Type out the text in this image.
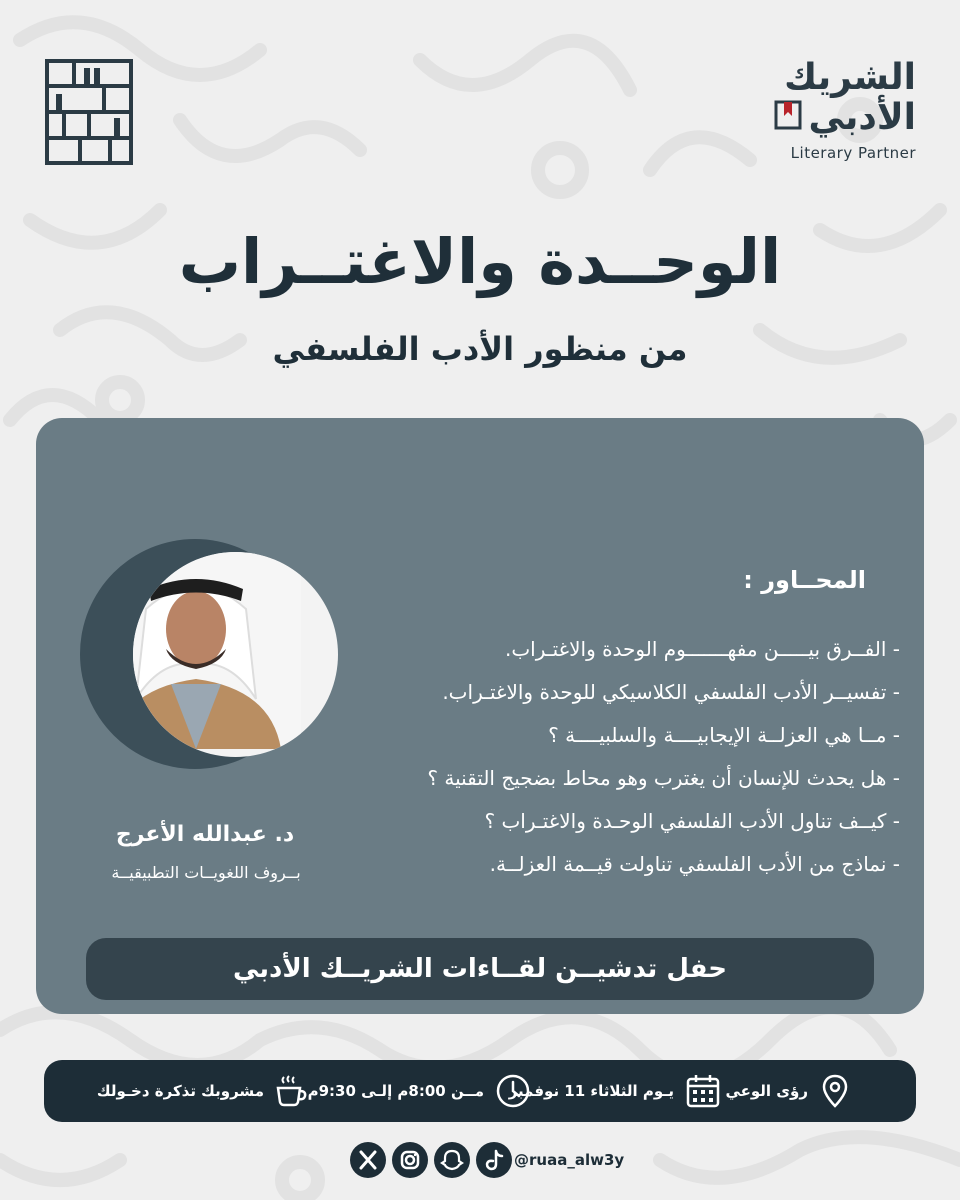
الشريك
الأدبي
Literary Partner
الوحــدة والاغتــراب
من منظور الأدب الفلسفي
المحــاور :
- الفــرق بيـــــن مفهـــــــوم الوحدة والاغتـراب.
- تفسيــر الأدب الفلسفي الكلاسيكي للوحدة والاغتـراب.
- مــا هي العزلــة الإيجابيــــة والسلبيــــة ؟
- هل يحدث للإنسان أن يغترب وهو محاط بضجيج التقنية ؟
- كيــف تناول الأدب الفلسفي الوحـدة والاغتـراب ؟
- نماذج من الأدب الفلسفي تناولت قيــمة العزلــة.
د. عبدالله الأعرج
بــروف اللغويــات التطبيقيــة
حفل تدشيــن لقــاءات الشريــك الأدبي
رؤى الوعي
يـوم الثلاثاء 11 نوفمبر
مــن 8:00م إلـى 9:30م
مشروبك تذكرة دخـولك
@ruaa_alw3y
